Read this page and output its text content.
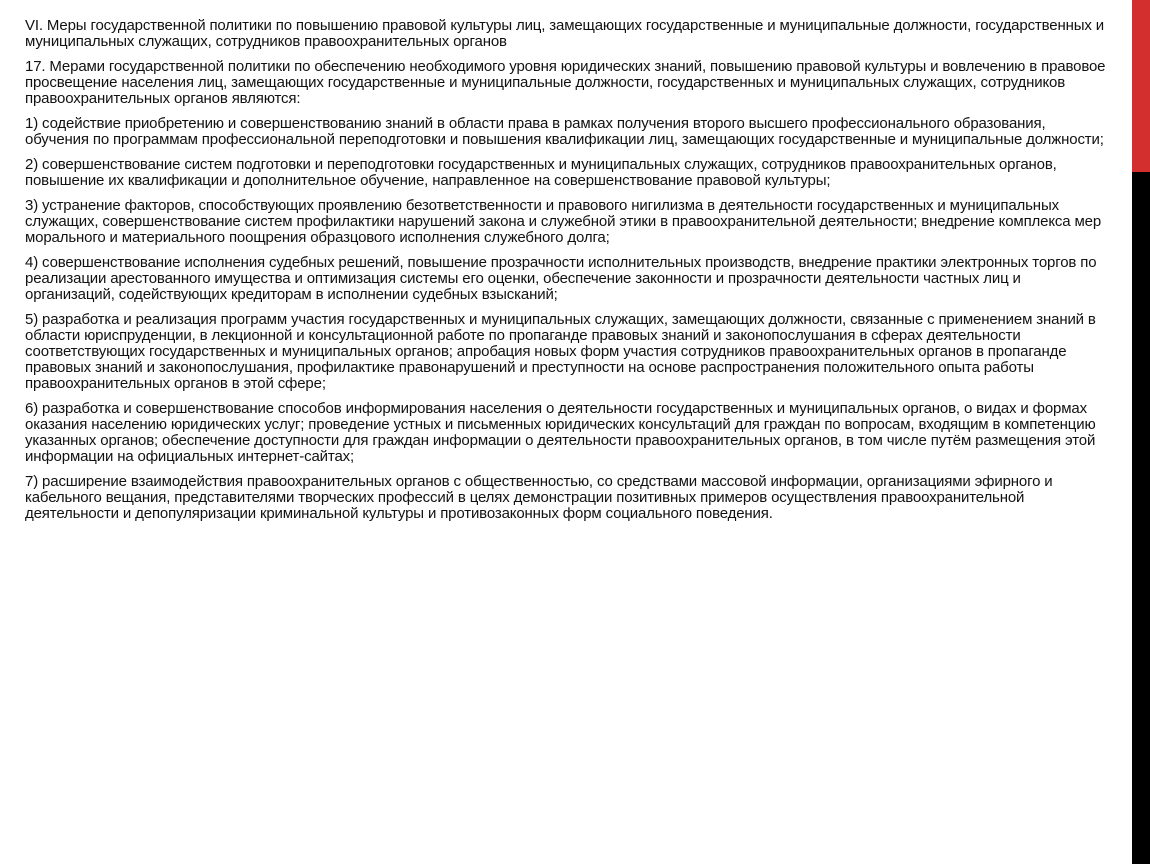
VI. Меры государственной политики по повышению правовой культуры лиц, замещающих государственные и муниципальные должности, государственных и муниципальных служащих, сотрудников правоохранительных органов

17. Мерами государственной политики по обеспечению необходимого уровня юридических знаний, повышению правовой культуры и вовлечению в правовое просвещение населения лиц, замещающих государственные и муниципальные должности, государственных и муниципальных служащих, сотрудников правоохранительных органов являются:

1) содействие приобретению и совершенствованию знаний в области права в рамках получения второго высшего профессионального образования, обучения по программам профессиональной переподготовки и повышения квалификации лиц, замещающих государственные и муниципальные должности;

2) совершенствование систем подготовки и переподготовки государственных и муниципальных служащих, сотрудников правоохранительных органов, повышение их квалификации и дополнительное обучение, направленное на совершенствование правовой культуры;

3) устранение факторов, способствующих проявлению безответственности и правового нигилизма в деятельности государственных и муниципальных служащих, совершенствование систем профилактики нарушений закона и служебной этики в правоохранительной деятельности; внедрение комплекса мер морального и материального поощрения образцового исполнения служебного долга;

4) совершенствование исполнения судебных решений, повышение прозрачности исполнительных производств, внедрение практики электронных торгов по реализации арестованного имущества и оптимизация системы его оценки, обеспечение законности и прозрачности деятельности частных лиц и организаций, содействующих кредиторам в исполнении судебных взысканий;

5) разработка и реализация программ участия государственных и муниципальных служащих, замещающих должности, связанные с применением знаний в области юриспруденции, в лекционной и консультационной работе по пропаганде правовых знаний и законопослушания в сферах деятельности соответствующих государственных и муниципальных органов; апробация новых форм участия сотрудников правоохранительных органов в пропаганде правовых знаний и законопослушания, профилактике правонарушений и преступности на основе распространения положительного опыта работы правоохранительных органов в этой сфере;

6) разработка и совершенствование способов информирования населения о деятельности государственных и муниципальных органов, о видах и формах оказания населению юридических услуг; проведение устных и письменных юридических консультаций для граждан по вопросам, входящим в компетенцию указанных органов; обеспечение доступности для граждан информации о деятельности правоохранительных органов, в том числе путём размещения этой информации на официальных интернет-сайтах;

7) расширение взаимодействия правоохранительных органов с общественностью, со средствами массовой информации, организациями эфирного и кабельного вещания, представителями творческих профессий в целях демонстрации позитивных примеров осуществления правоохранительной деятельности и депопуляризации криминальной культуры и противозаконных форм социального поведения.
